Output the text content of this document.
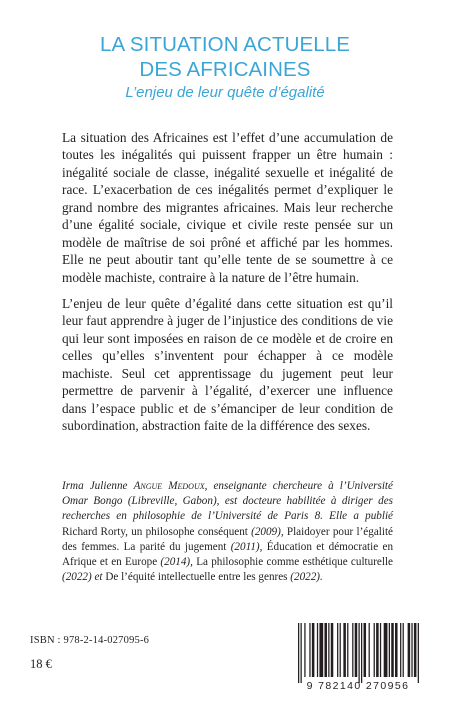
LA SITUATION ACTUELLE
DES AFRICAINES
L’enjeu de leur quête d’égalité
La situation des Africaines est l’effet d’une accumulation de toutes les inégalités qui puissent frapper un être humain : inégalité sociale de classe, inégalité sexuelle et inégalité de race. L’exacerbation de ces inégalités permet d’expliquer le grand nombre des migrantes africaines. Mais leur recherche d’une égalité sociale, civique et civile reste pensée sur un modèle de maîtrise de soi prôné et affiché par les hommes. Elle ne peut aboutir tant qu’elle tente de se soumettre à ce modèle machiste, contraire à la nature de l’être humain.
L’enjeu de leur quête d’égalité dans cette situation est qu’il leur faut apprendre à juger de l’injustice des conditions de vie qui leur sont imposées en raison de ce modèle et de croire en celles qu’elles s’inventent pour échapper à ce modèle machiste. Seul cet apprentissage du jugement peut leur permettre de parvenir à l’égalité, d’exercer une influence dans l’espace public et de s’émanciper de leur condition de subordination, abstraction faite de la différence des sexes.
Irma Julienne Angue Medoux, enseignante chercheure à l’Université Omar Bongo (Libreville, Gabon), est docteure habilitée à diriger des recherches en philosophie de l’Université de Paris 8. Elle a publié Richard Rorty, un philosophe conséquent (2009), Plaidoyer pour l’égalité des femmes. La parité du jugement (2011), Éducation et démocratie en Afrique et en Europe (2014), La philosophie comme esthétique culturelle (2022) et De l’équité intellectuelle entre les genres (2022).
ISBN : 978-2-14-027095-6
18 €
9 782140 270956
